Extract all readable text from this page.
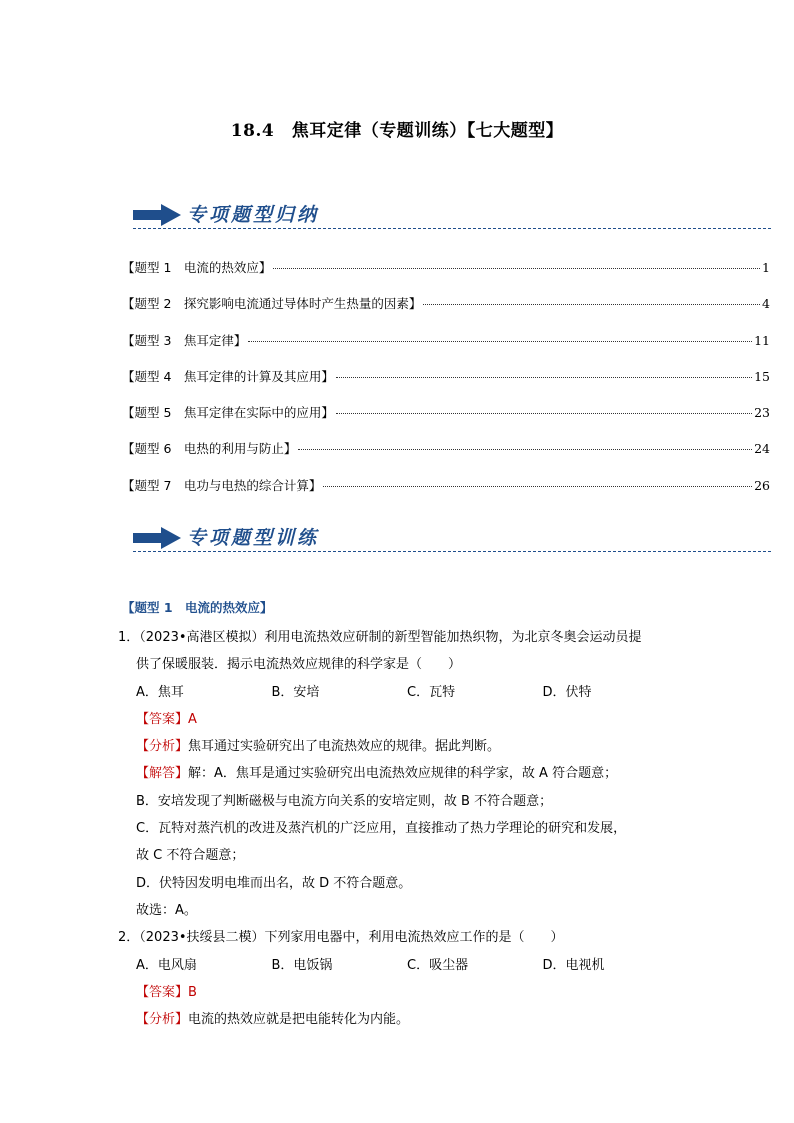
18.4　焦耳定律（专题训练）【七大题型】
专项题型归纳
【题型 1　电流的热效应】	1
【题型 2　探究影响电流通过导体时产生热量的因素】	4
【题型 3　焦耳定律】	11
【题型 4　焦耳定律的计算及其应用】	15
【题型 5　焦耳定律在实际中的应用】	23
【题型 6　电热的利用与防止】	24
【题型 7　电功与电热的综合计算】	26
专项题型训练
【题型 1　电流的热效应】
1．（2023•高港区模拟）利用电流热效应研制的新型智能加热织物，为北京冬奥会运动员提
供了保暖服装．揭示电流热效应规律的科学家是（　　）
A．焦耳	B．安培	C．瓦特	D．伏特
【答案】A
【分析】焦耳通过实验研究出了电流热效应的规律。据此判断。
【解答】解：A．焦耳是通过实验研究出电流热效应规律的科学家，故 A 符合题意；
B．安培发现了判断磁极与电流方向关系的安培定则，故 B 不符合题意；
C．瓦特对蒸汽机的改进及蒸汽机的广泛应用，直接推动了热力学理论的研究和发展，
故 C 不符合题意；
D．伏特因发明电堆而出名，故 D 不符合题意。
故选：A。
2．（2023•扶绥县二模）下列家用电器中，利用电流热效应工作的是（　　）
A．电风扇	B．电饭锅	C．吸尘器	D．电视机
【答案】B
【分析】电流的热效应就是把电能转化为内能。
